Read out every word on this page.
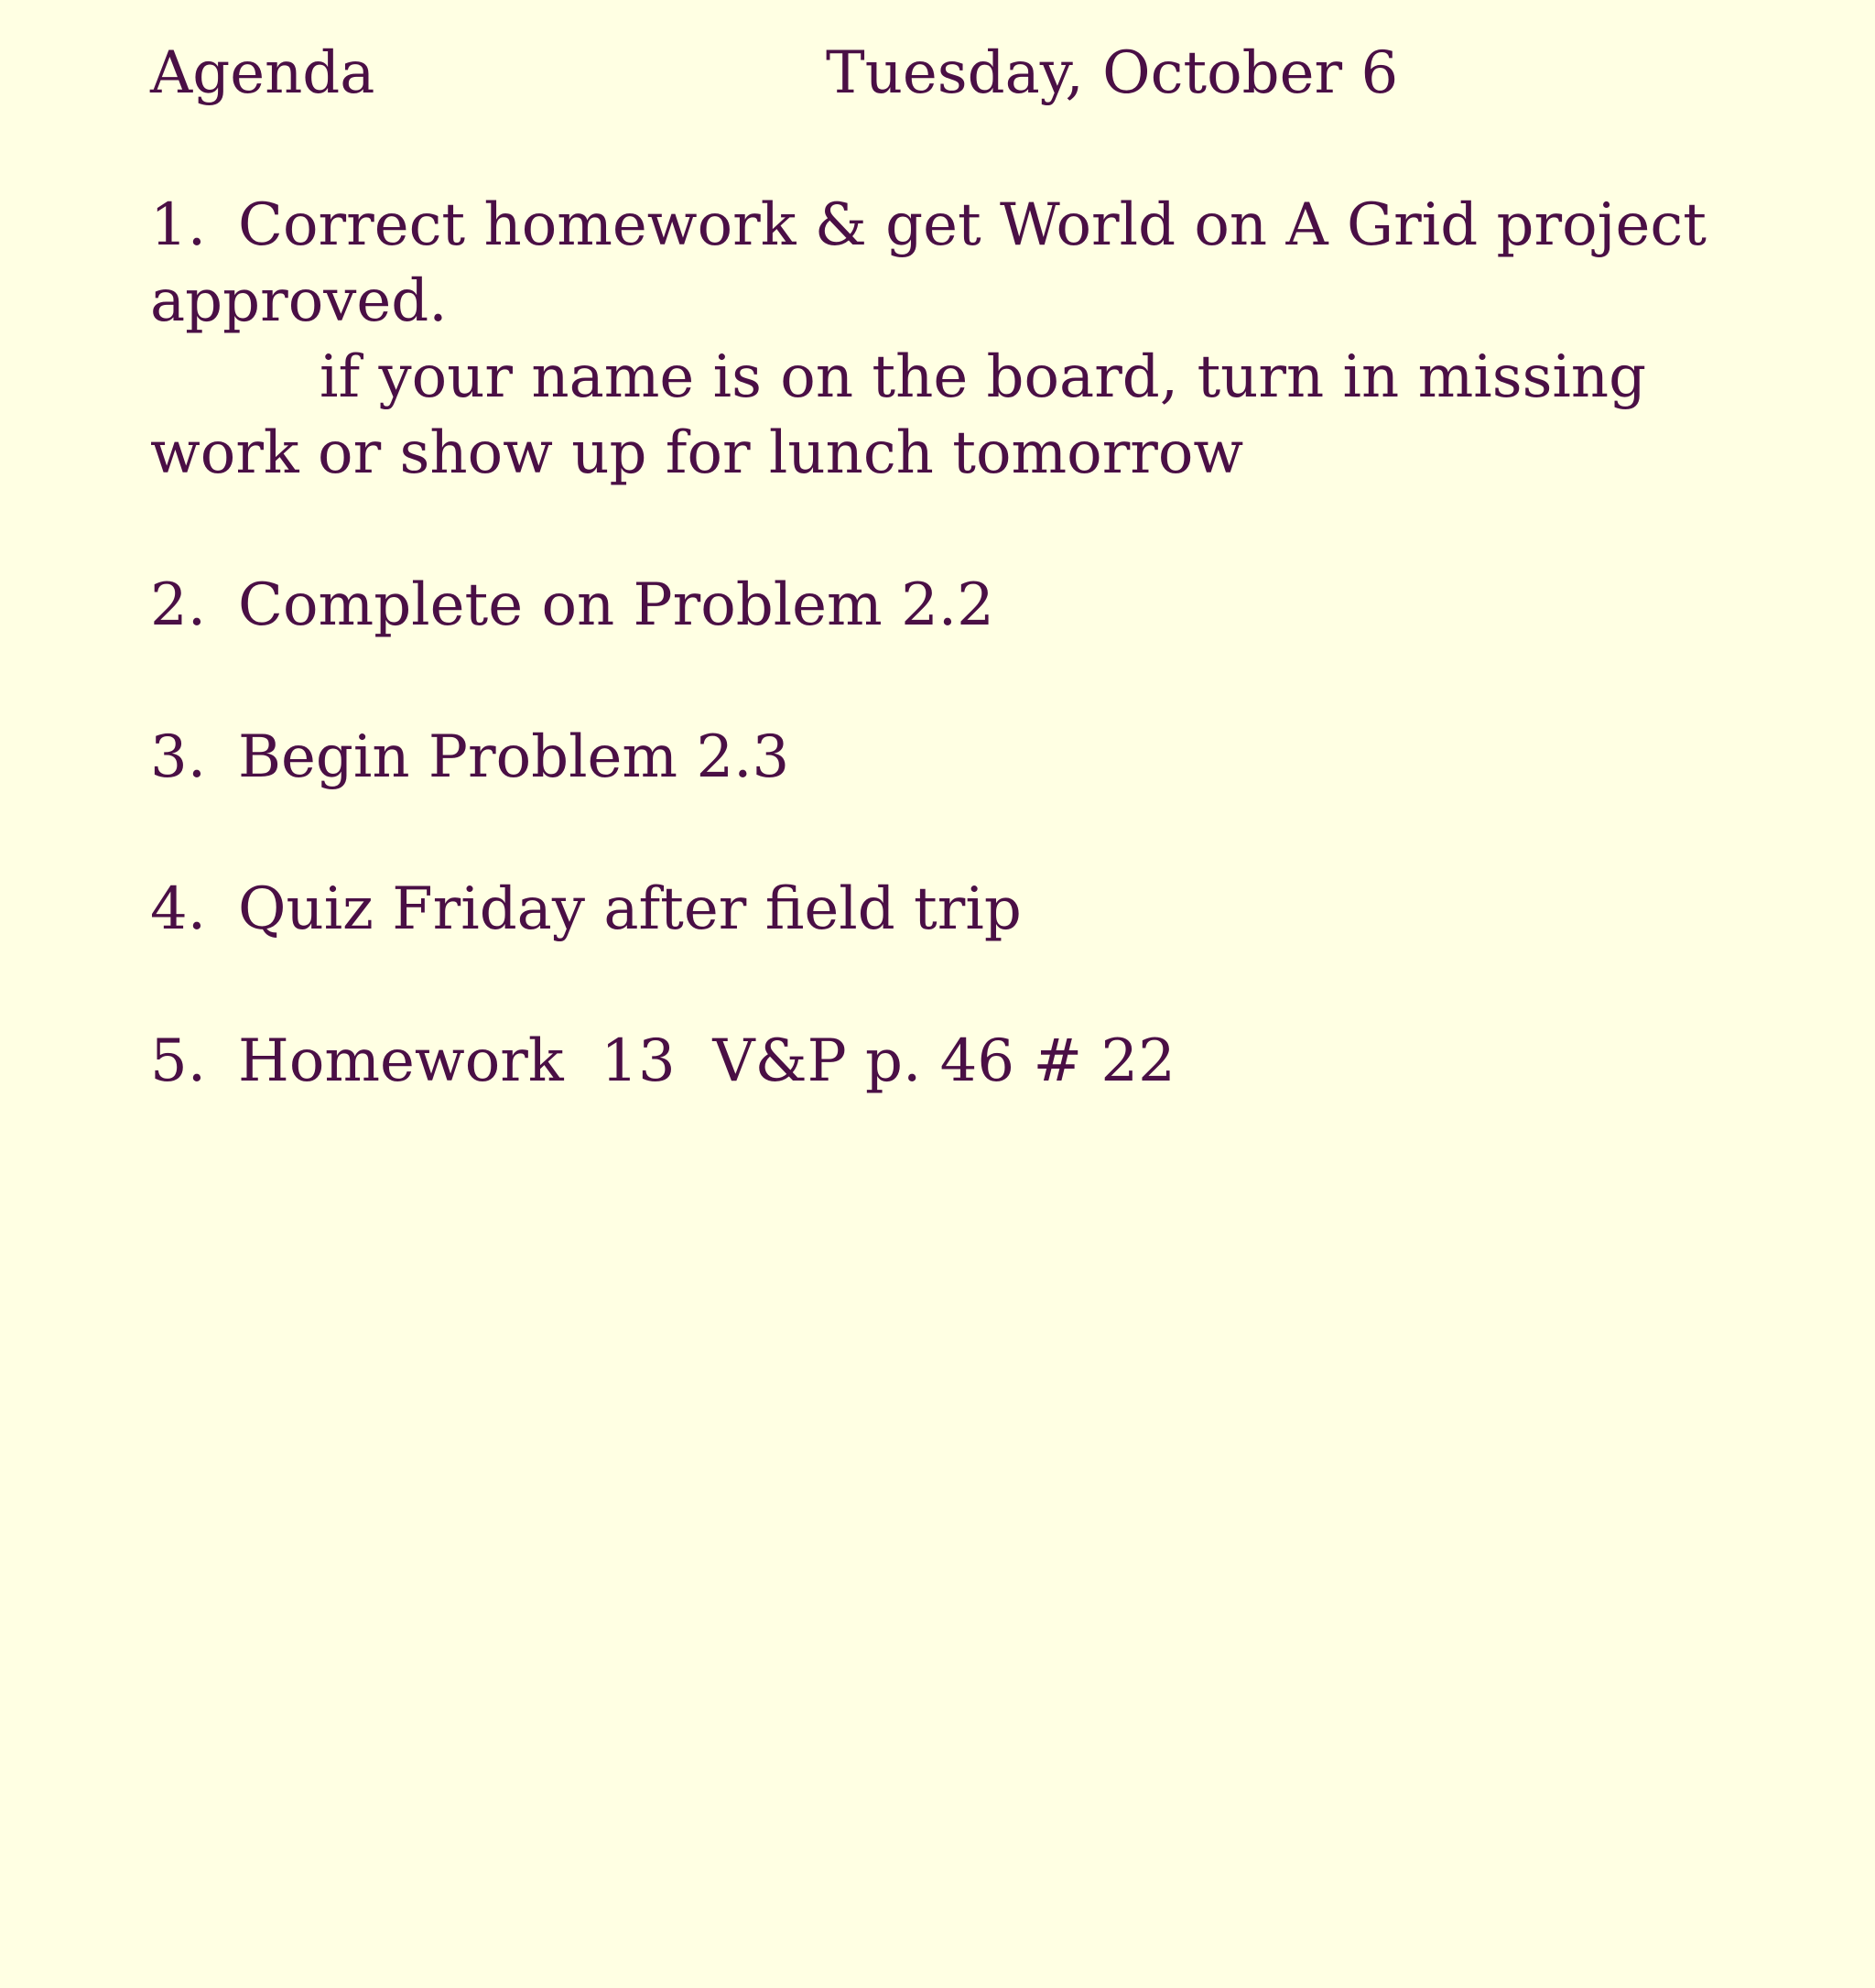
Agenda	Tuesday, October 6
1. Correct homework & get World on A Grid project approved.
if your name is on the board, turn in missing work or show up for lunch tomorrow
2. Complete on Problem 2.2
3. Begin Problem 2.3
4. Quiz Friday after field trip
5. Homework  13  V&P p. 46 # 22
